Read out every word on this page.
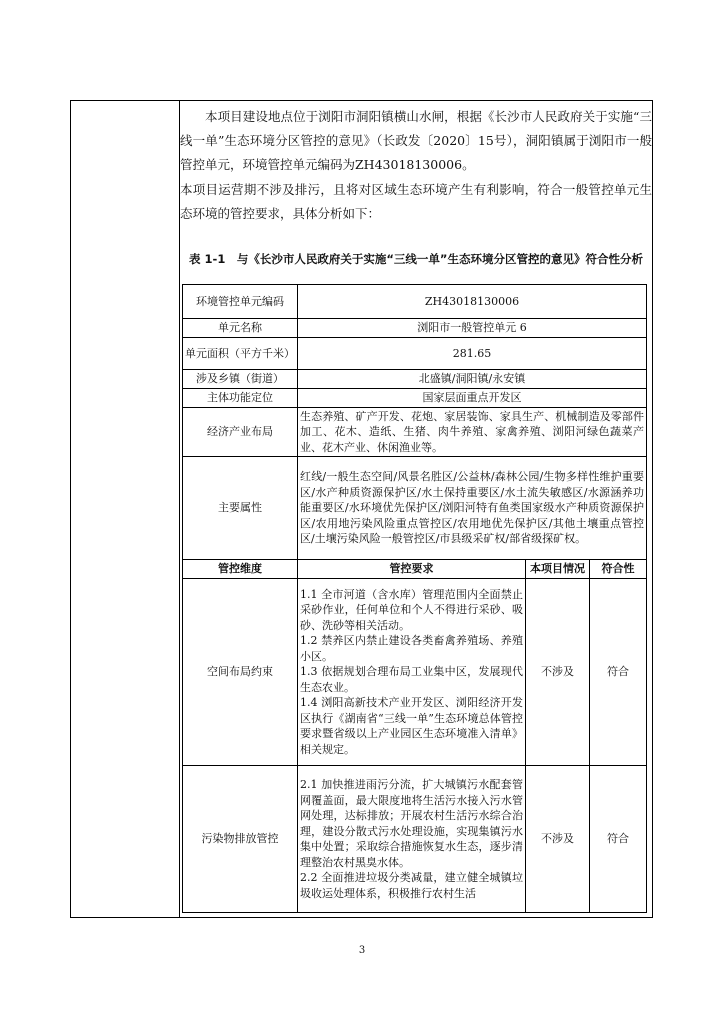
本项目建设地点位于浏阳市洞阳镇横山水闸，根据《长沙市人民政府关于实施“三线一单”生态环境分区管控的意见》（长政发〔2020〕15号），洞阳镇属于浏阳市一般管控单元，环境管控单元编码为ZH43018130006。

本项目运营期不涉及排污，且将对区域生态环境产生有利影响，符合一般管控单元生态环境的管控要求，具体分析如下：

表 1-1　与《长沙市人民政府关于实施“三线一单”生态环境分区管控的意见》符合性分析
环境管控单元编码	ZH43018130006		
单元名称	浏阳市一般管控单元 6		
单元面积（平方千米）	281.65		
涉及乡镇（街道）	北盛镇/洞阳镇/永安镇		
主体功能定位	国家层面重点开发区		
经济产业布局	生态养殖、矿产开发、花炮、家居装饰、家具生产、机械制造及零部件加工、花木、造纸、生猪、肉牛养殖、家禽养殖、浏阳河绿色蔬菜产业、花木产业、休闲渔业等。		
主要属性	红线/一般生态空间/风景名胜区/公益林/森林公园/生物多样性维护重要区/水产种质资源保护区/水土保持重要区/水土流失敏感区/水源涵养功能重要区/水环境优先保护区/浏阳河特有鱼类国家级水产种质资源保护区/农用地污染风险重点管控区/农用地优先保护区/其他土壤重点管控区/土壤污染风险一般管控区/市县级采矿权/部省级探矿权。		
管控维度	管控要求	本项目情况	符合性
空间布局约束	1.1 全市河道（含水库）管理范围内全面禁止采砂作业，任何单位和个人不得进行采砂、吸砂、洗砂等相关活动。

1.2 禁养区内禁止建设各类畜禽养殖场、养殖小区。

1.3 依据规划合理布局工业集中区，发展现代生态农业。

1.4 浏阳高新技术产业开发区、浏阳经济开发区执行《湖南省“三线一单”生态环境总体管控要求暨省级以上产业园区生态环境准入清单》相关规定。	不涉及	符合
污染物排放管控	2.1 加快推进雨污分流，扩大城镇污水配套管网覆盖面，最大限度地将生活污水接入污水管网处理，达标排放；开展农村生活污水综合治理，建设分散式污水处理设施，实现集镇污水集中处置；采取综合措施恢复水生态，逐步清理整治农村黑臭水体。

2.2 全面推进垃圾分类减量，建立健全城镇垃圾收运处理体系，积极推行农村生活	不涉及	符合
3
